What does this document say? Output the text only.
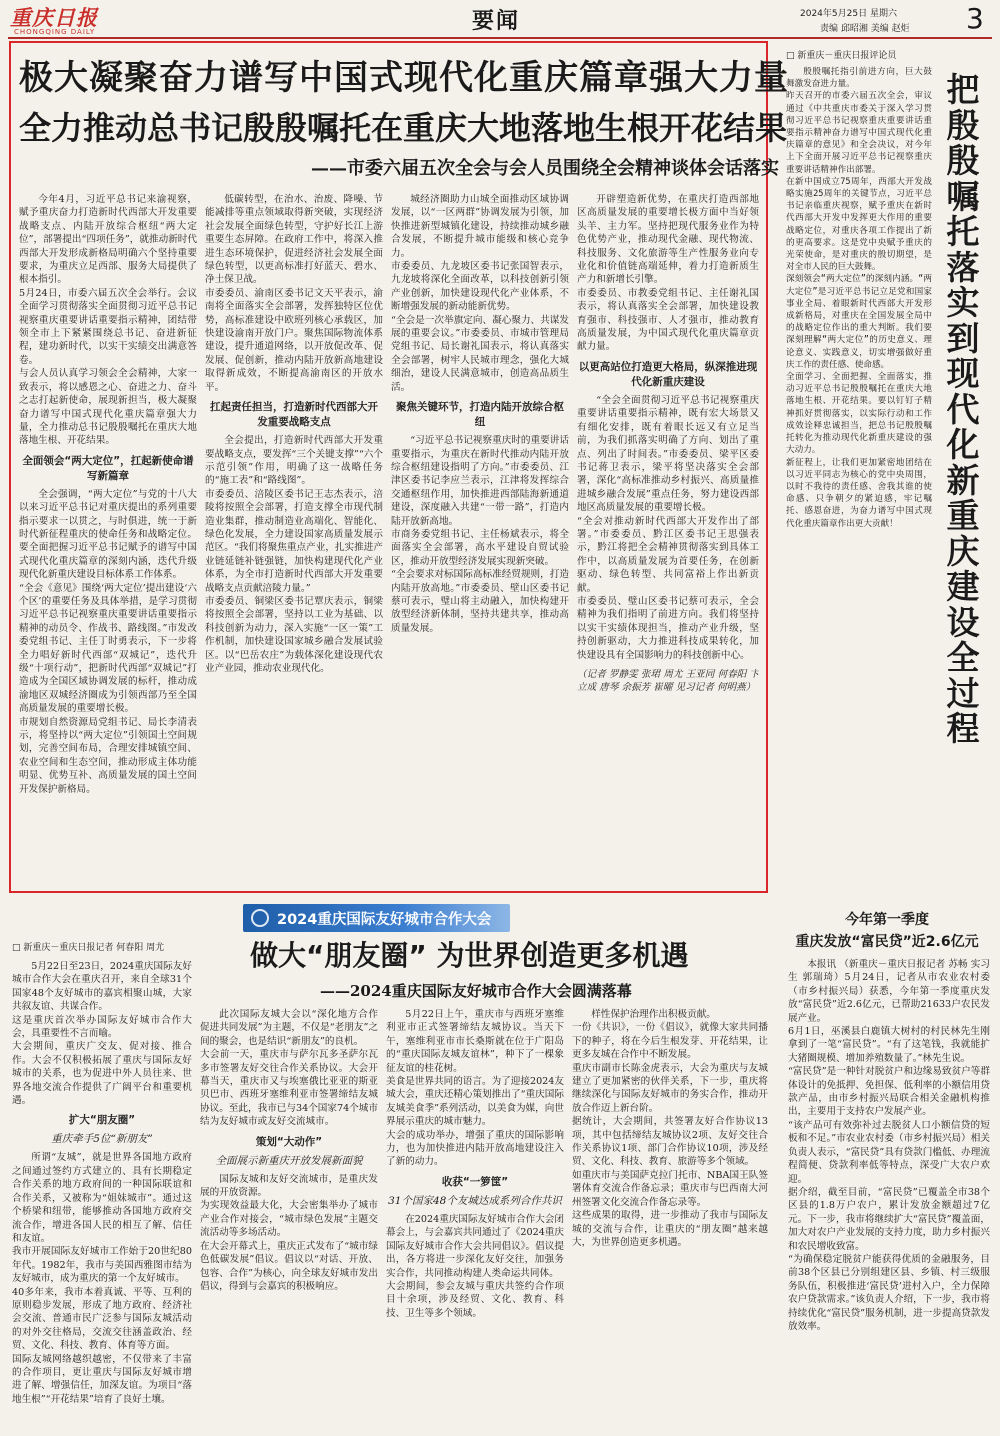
重庆日报
CHONGQING DAILY	要闻	2024年5月25日 星期六
责编 邱昭湘 美编 赵炬 3
极大凝聚奋力谱写中国式现代化重庆篇章强大力量
全力推动总书记殷殷嘱托在重庆大地落地生根开花结果
——市委六届五次全会与会人员围绕全会精神谈体会话落实

今年4月，习近平总书记来渝视察，赋予重庆奋力打造新时代西部大开发重要战略支点、内陆开放综合枢纽“两大定位”，部署提出“四项任务”，就推动新时代西部大开发形成新格局明确六个坚持重要要求，为重庆立足西部、服务大局提供了根本指引。
5月24日，市委六届五次全会举行。会议全面学习贯彻落实全面贯彻习近平总书记视察重庆重要讲话重要指示精神，团结带领全市上下紧紧围绕总书记、奋进新征程，建功新时代，以实干实绩交出满意答卷。
与会人员认真学习领会全会精神，大家一致表示，将以感恩之心、奋进之力、奋斗之志打起新使命，展现新担当，极大凝聚奋力谱写中国式现代化重庆篇章强大力量，全力推动总书记殷殷嘱托在重庆大地落地生根、开花结果。

全面领会“两大定位”，扛起新使命谱写新篇章

全会强调，“两大定位”与党的十八大以来习近平总书记对重庆提出的系列重要指示要求一以贯之，与时俱进，统一于新时代新征程重庆的使命任务和战略定位。要全面把握习近平总书记赋予的谱写中国式现代化重庆篇章的深刻内涵，迭代升级现代化新重庆建设目标体系工作体系。
“全会《意见》围绕‘两大定位’提出建设‘六个区’的重要任务及具体举措，是学习贯彻习近平总书记视察重庆重要讲话重要指示精神的动员令、作战书、路线图。”市发改委党组书记、主任丁时勇表示，下一步将全力唱好新时代西部“双城记”，迭代升级“十项行动”，把新时代西部“双城记”打造成为全国区域协调发展的标杆，推动成渝地区双城经济圈成为引领西部乃至全国高质量发展的重要增长极。
市规划自然资源局党组书记、局长李清表示，将坚持以“两大定位”引领国土空间规划，完善空间布局，合理安排城镇空间、农业空间和生态空间，推动形成主体功能明显、优势互补、高质量发展的国土空间开发保护新格局。

低碳转型，在治水、治废、降噪、节能减排等重点领域取得新突破，实现经济社会发展全面绿色转型，守护好长江上游重要生态屏障。在政府工作中，将深入推进生态环境保护，促进经济社会发展全面绿色转型，以更高标准打好蓝天、碧水、净土保卫战。
市委委员、渝南区委书记文天平表示，渝南将全面落实全会部署，发挥独特区位优势，高标准建设中欧班列核心承载区，加快建设渝南开放门户。聚焦国际物流体系建设，提升通道网络，以开放促改革、促发展、促创新，推动内陆开放新高地建设取得新成效，不断提高渝南区的开放水平。

扛起责任担当，打造新时代西部大开发重要战略支点

全会提出，打造新时代西部大开发重要战略支点，要发挥“三个关键支撑”“六个示范引领”作用，明确了这一战略任务的“施工表”和“路线图”。
市委委员、涪陵区委书记王志杰表示，涪陵将按照全会部署，打造支撑全市现代制造业集群，推动制造业高端化、智能化、绿色化发展，全力建设国家高质量发展示范区。“我们将聚焦重点产业，扎实推进产业链延链补链强链，加快构建现代化产业体系，为全市打造新时代西部大开发重要战略支点贡献涪陵力量。”
市委委员、铜梁区委书记覃庆表示，铜梁将按照全会部署，坚持以工业为基础、以科技创新为动力，深入实施“一区一策”工作机制，加快建设国家城乡融合发展试验区。以“巴岳农庄”为载体深化建设现代农业产业园，推动农业现代化。

城经济圈助力山城全面推动区域协调发展，以“一区两群”协调发展为引领，加快推进新型城镇化建设，持续推动城乡融合发展，不断提升城市能级和核心竞争力。
市委委员、九龙坡区委书记张国智表示，九龙坡将深化全面改革，以科技创新引领产业创新，加快建设现代化产业体系，不断增强发展的新动能新优势。
“全会是一次举旗定向、凝心聚力、共谋发展的重要会议。”市委委员、市城市管理局党组书记、局长谢礼国表示，将认真落实全会部署，树牢人民城市理念，强化大城细治，建设人民满意城市，创造高品质生活。

聚焦关键环节，打造内陆开放综合枢纽

“习近平总书记视察重庆时的重要讲话重要指示，为重庆在新时代推动内陆开放综合枢纽建设指明了方向。”市委委员、江津区委书记李应兰表示，江津将发挥综合交通枢纽作用，加快推进西部陆海新通道建设，深度融入共建“一带一路”，打造内陆开放新高地。
市商务委党组书记、主任杨斌表示，将全面落实全会部署，高水平建设自贸试验区，推动开放型经济发展实现新突破。
“全会要求对标国际高标准经贸规则，打造内陆开放高地。”市委委员、壁山区委书记蔡可表示，璧山将主动融入，加快构建开放型经济新体制，坚持共建共享，推动高质量发展。

开辟塑造新优势，在重庆打造西部地区高质量发展的重要增长极方面中当好领头羊、主力军。坚持把现代服务业作为特色优势产业，推动现代金融、现代物流、科技服务、文化旅游等生产性服务业向专业化和价值链高端延伸，着力打造新质生产力和新增长引擎。
市委委员、市教委党组书记、主任谢礼国表示，将认真落实全会部署，加快建设教育强市、科技强市、人才强市，推动教育高质量发展，为中国式现代化重庆篇章贡献力量。

以更高站位打造更大格局，纵深推进现代化新重庆建设

“全会全面贯彻习近平总书记视察重庆重要讲话重要指示精神，既有宏大场景又有细化安排，既有着眼长远又有立足当前，为我们抓落实明确了方向、划出了重点、列出了时间表。”市委委员、梁平区委书记蒋卫表示，梁平将坚决落实全会部署，深化“高标准推动乡村振兴、高质量推进城乡融合发展”重点任务，努力建设西部地区高质量发展的重要增长极。
“全会对推动新时代西部大开发作出了部署。”市委委员、黔江区委书记王思强表示，黔江将把全会精神贯彻落实到具体工作中，以高质量发展为首要任务，在创新驱动、绿色转型、共同富裕上作出新贡献。
市委委员、璧山区委书记蔡可表示，全会精神为我们指明了前进方向。我们将坚持以实干实绩体现担当，推动产业升级，坚持创新驱动，大力推进科技成果转化，加快建设具有全国影响力的科技创新中心。

（记者 罗静雯 张珺 周尤 王亚同 何春阳 卞立成 唐琴 余振芳 崔曜 见习记者 何明燕）
□ 新重庆－重庆日报评论员

殷殷嘱托指引前进方向，巨大鼓舞激发奋进力量。
昨天召开的市委六届五次全会，审议通过《中共重庆市委关于深入学习贯彻习近平总书记视察重庆重要讲话重要指示精神奋力谱写中国式现代化重庆篇章的意见》和全会决议，对今年上下全面开展习近平总书记视察重庆重要讲话精神作出部署。
在新中国成立75周年，西部大开发战略实施25周年的关键节点，习近平总书记亲临重庆视察，赋予重庆在新时代西部大开发中发挥更大作用的重要战略定位，对重庆各项工作提出了新的更高要求。这是党中央赋予重庆的光荣使命，是对重庆的殷切期望，是对全市人民的巨大鼓舞。
深刻领会“两大定位”的深刻内涵。“两大定位”是习近平总书记立足党和国家事业全局、着眼新时代西部大开发形成新格局，对重庆在全国发展全局中的战略定位作出的重大判断。我们要深刻理解“两大定位”的历史意义、理论意义、实践意义，切实增强做好重庆工作的责任感、使命感。
全面学习、全面把握、全面落实，推动习近平总书记殷殷嘱托在重庆大地落地生根、开花结果。要以钉钉子精神抓好贯彻落实，以实际行动和工作成效诠释忠诚担当，把总书记殷殷嘱托转化为推动现代化新重庆建设的强大动力。
新征程上，让我们更加紧密地团结在以习近平同志为核心的党中央周围，以时不我待的责任感、舍我其谁的使命感、只争朝夕的紧迫感，牢记嘱托、感恩奋进，为奋力谱写中国式现代化重庆篇章作出更大贡献！

把殷殷嘱托落实到现代化新重庆建设全过程
2024重庆国际友好城市合作大会
□ 新重庆－重庆日报记者 何春阳 周尤	做大“朋友圈” 为世界创造更多机遇
——2024重庆国际友好城市合作大会圆满落幕

5月22日至23日，2024重庆国际友好城市合作大会在重庆召开，来自全球31个国家48个友好城市的嘉宾相聚山城，大家共叙友谊、共谋合作。
这是重庆首次举办国际友好城市合作大会，具重要性不言而喻。
大会期间，重庆广交友、促对接、推合作。大会不仅积极拓展了重庆与国际友好城市的关系，也为促进中外人员往来、世界各地交流合作提供了广阔平台和重要机遇。

扩大“朋友圈”
重庆牵手5位“新朋友”

所谓“友城”，就是世界各国地方政府之间通过签约方式建立的、具有长期稳定合作关系的地方政府间的一种国际联谊和合作关系，又被称为“姐妹城市”。通过这个桥梁和纽带，能够推动各国地方政府交流合作，增进各国人民的相互了解、信任和友谊。
我市开展国际友好城市工作始于20世纪80年代。1982年，我市与美国西雅图市结为友好城市，成为重庆的第一个友好城市。
40多年来，我市本着真诚、平等、互利的原则稳步发展，形成了地方政府、经济社会交流、普通市民广泛参与国际友城活动的对外交往格局，交流交往涵盖政治、经贸、文化、科技、教育、体育等方面。
国际友城网络越织越密，不仅带来了丰富的合作项目，更让重庆与国际友好城市增进了解、增强信任，加深友谊。为项目“落地生根”“开花结果”培育了良好土壤。

此次国际友城大会以“深化地方合作 促进共同发展”为主题，不仅是“老朋友”之间的聚会，也是结识“新朋友”的良机。
大会前一天，重庆市与萨尔瓦多圣萨尔瓦多市签署友好交往合作关系协议。大会开幕当天，重庆市又与埃塞俄比亚亚的斯亚贝巴市、西班牙塞维利亚市签署缔结友城协议。至此，我市已与34个国家74个城市结为友好城市或友好交流城市。

策划“大动作”
全面展示新重庆开放发展新面貌

国际友城和友好交流城市，是重庆发展的开放资源。
为实现效益最大化，大会密集举办了城市产业合作对接会，“城市绿色发展”主题交流活动等多场活动。
在大会开幕式上，重庆正式发布了“城市绿色低碳发展”倡议。倡议以“对话、开放、包容、合作”为核心，向全球友好城市发出倡议，得到与会嘉宾的积极响应。

5月22日上午，重庆市与西班牙塞维利亚市正式签署缔结友城协议。当天下午，塞维利亚市市长桑斯就在位于广阳岛的“重庆国际友城友谊林”，种下了一棵象征友谊的桂花树。
美食是世界共同的语言。为了迎接2024友城大会，重庆还精心策划推出了“重庆国际友城美食季”系列活动，以美食为媒，向世界展示重庆的城市魅力。
大会的成功举办，增强了重庆的国际影响力，也为加快推进内陆开放高地建设注入了新的动力。

收获“一箩筐”
31个国家48个友城达成系列合作共识

在2024重庆国际友好城市合作大会闭幕会上，与会嘉宾共同通过了《2024重庆国际友好城市合作大会共同倡议》。倡议提出，各方将进一步深化友好交往，加强务实合作，共同推动构建人类命运共同体。
大会期间，参会友城与重庆共签约合作项目十余项，涉及经贸、文化、教育、科技、卫生等多个领域。

样性保护治理作出积极贡献。
一份《共识》，一份《倡议》，就像大家共同播下的种子，将在今后生根发芽、开花结果，让更多友城在合作中不断发展。
重庆市副市长陈金虎表示，大会为重庆与友城建立了更加紧密的伙伴关系，下一步，重庆将继续深化与国际友好城市的务实合作，推动开放合作迈上新台阶。
据统计，大会期间，共签署友好合作协议13项，其中包括缔结友城协议2项、友好交往合作关系协议1项、部门合作协议10项，涉及经贸、文化、科技、教育、旅游等多个领域。
如重庆市与美国萨克拉门托市、NBA国王队签署体育交流合作备忘录；重庆市与巴西南大河州签署文化交流合作备忘录等。
这些成果的取得，进一步推动了我市与国际友城的交流与合作，让重庆的“朋友圈”越来越大，为世界创造更多机遇。

今年第一季度
重庆发放“富民贷”近2.6亿元

本报讯 （新重庆－重庆日报记者 苏畅 实习生 郭瑞琦）5月24日，记者从市农业农村委（市乡村振兴局）获悉，今年第一季度重庆发放“富民贷”近2.6亿元，已帮助21633户农民发展产业。
6月1日，巫溪县白鹿镇大树村的村民林先生刚拿到了一笔“富民贷”。“有了这笔钱，我就能扩大猪圈规模、增加养殖数量了。”林先生说。
“富民贷”是一种针对脱贫户和边缘易致贫户等群体设计的免抵押、免担保、低利率的小额信用贷款产品，由市乡村振兴局联合相关金融机构推出，主要用于支持农户发展产业。
“该产品可有效弥补过去脱贫人口小额信贷的短板和不足。”市农业农村委（市乡村振兴局）相关负责人表示，“富民贷”具有贷款门槛低、办理流程简便、贷款利率低等特点，深受广大农户欢迎。
据介绍，截至目前，“富民贷”已覆盖全市38个区县的1.8万户农户，累计发放金额超过7亿元。下一步，我市将继续扩大“富民贷”覆盖面，加大对农户产业发展的支持力度，助力乡村振兴和农民增收致富。
“为确保稳定脱贫户能获得优质的金融服务，目前38个区县已分别组建区县、乡镇、村三级服务队伍，积极推进‘富民贷’进村入户，全力保障农户贷款需求。”该负责人介绍，下一步，我市将持续优化“富民贷”服务机制，进一步提高贷款发放效率。
